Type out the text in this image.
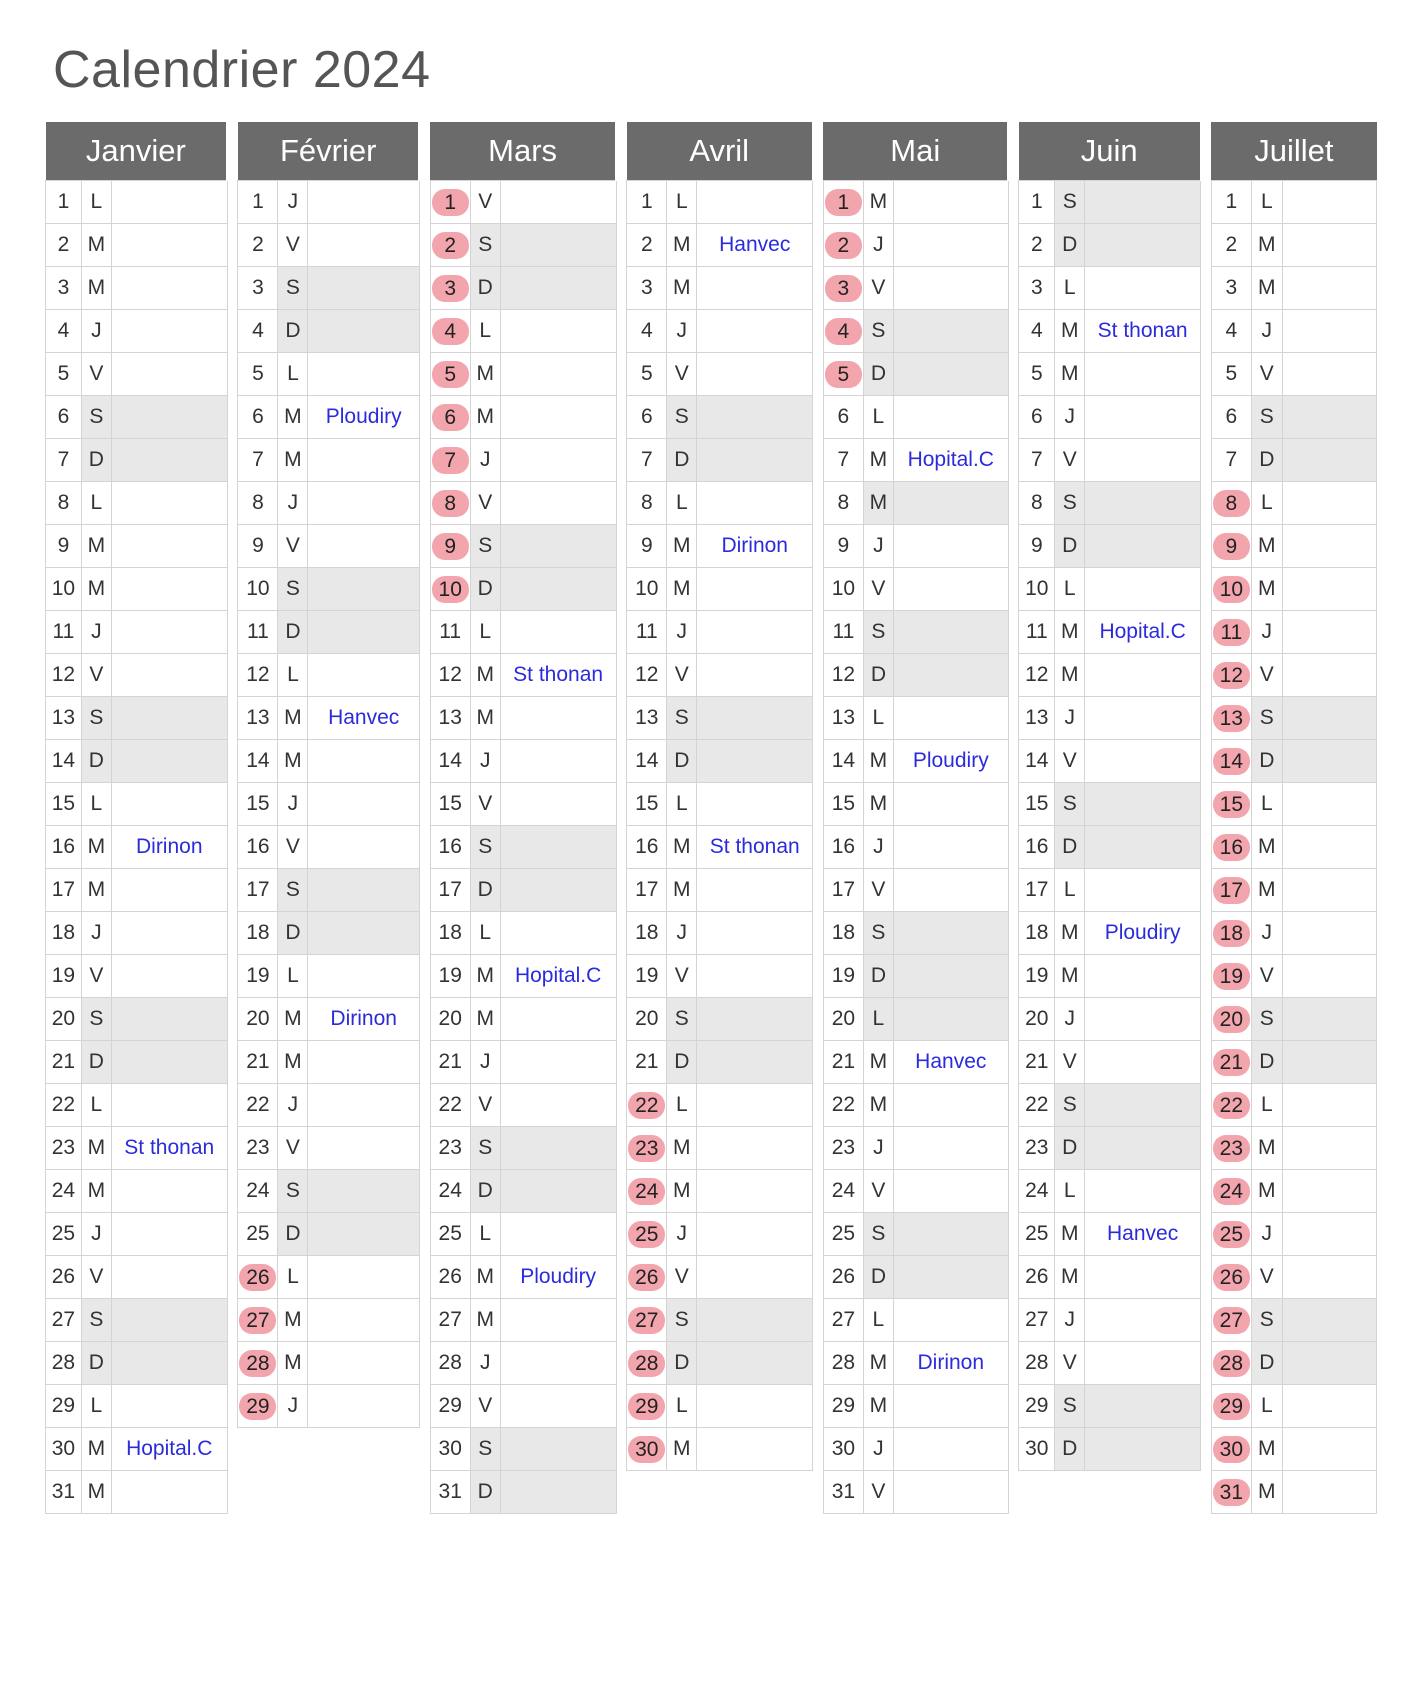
Calendrier 2024
Janvier				Février				Mars				Avril				Mai				Juin				Juillet		
1	L			1	J			1	V			1	L			1	M			1	S			1	L	
2	M			2	V			2	S			2	M	Hanvec		2	J			2	D			2	M	
3	M			3	S			3	D			3	M			3	V			3	L			3	M	
4	J			4	D			4	L			4	J			4	S			4	M	St thonan		4	J	
5	V			5	L			5	M			5	V			5	D			5	M			5	V	
6	S			6	M	Ploudiry		6	M			6	S			6	L			6	J			6	S	
7	D			7	M			7	J			7	D			7	M	Hopital.C		7	V			7	D	
8	L			8	J			8	V			8	L			8	M			8	S			8	L	
9	M			9	V			9	S			9	M	Dirinon		9	J			9	D			9	M	
10	M			10	S			10	D			10	M			10	V			10	L			10	M	
11	J			11	D			11	L			11	J			11	S			11	M	Hopital.C		11	J	
12	V			12	L			12	M	St thonan		12	V			12	D			12	M			12	V	
13	S			13	M	Hanvec		13	M			13	S			13	L			13	J			13	S	
14	D			14	M			14	J			14	D			14	M	Ploudiry		14	V			14	D	
15	L			15	J			15	V			15	L			15	M			15	S			15	L	
16	M	Dirinon		16	V			16	S			16	M	St thonan		16	J			16	D			16	M	
17	M			17	S			17	D			17	M			17	V			17	L			17	M	
18	J			18	D			18	L			18	J			18	S			18	M	Ploudiry		18	J	
19	V			19	L			19	M	Hopital.C		19	V			19	D			19	M			19	V	
20	S			20	M	Dirinon		20	M			20	S			20	L			20	J			20	S	
21	D			21	M			21	J			21	D			21	M	Hanvec		21	V			21	D	
22	L			22	J			22	V			22	L			22	M			22	S			22	L	
23	M	St thonan		23	V			23	S			23	M			23	J			23	D			23	M	
24	M			24	S			24	D			24	M			24	V			24	L			24	M	
25	J			25	D			25	L			25	J			25	S			25	M	Hanvec		25	J	
26	V			26	L			26	M	Ploudiry		26	V			26	D			26	M			26	V	
27	S			27	M			27	M			27	S			27	L			27	J			27	S	
28	D			28	M			28	J			28	D			28	M	Dirinon		28	V			28	D	
29	L			29	J			29	V			29	L			29	M			29	S			29	L	
30	M	Hopital.C						30	S			30	M			30	J			30	D			30	M	
31	M							31	D							31	V							31	M	
